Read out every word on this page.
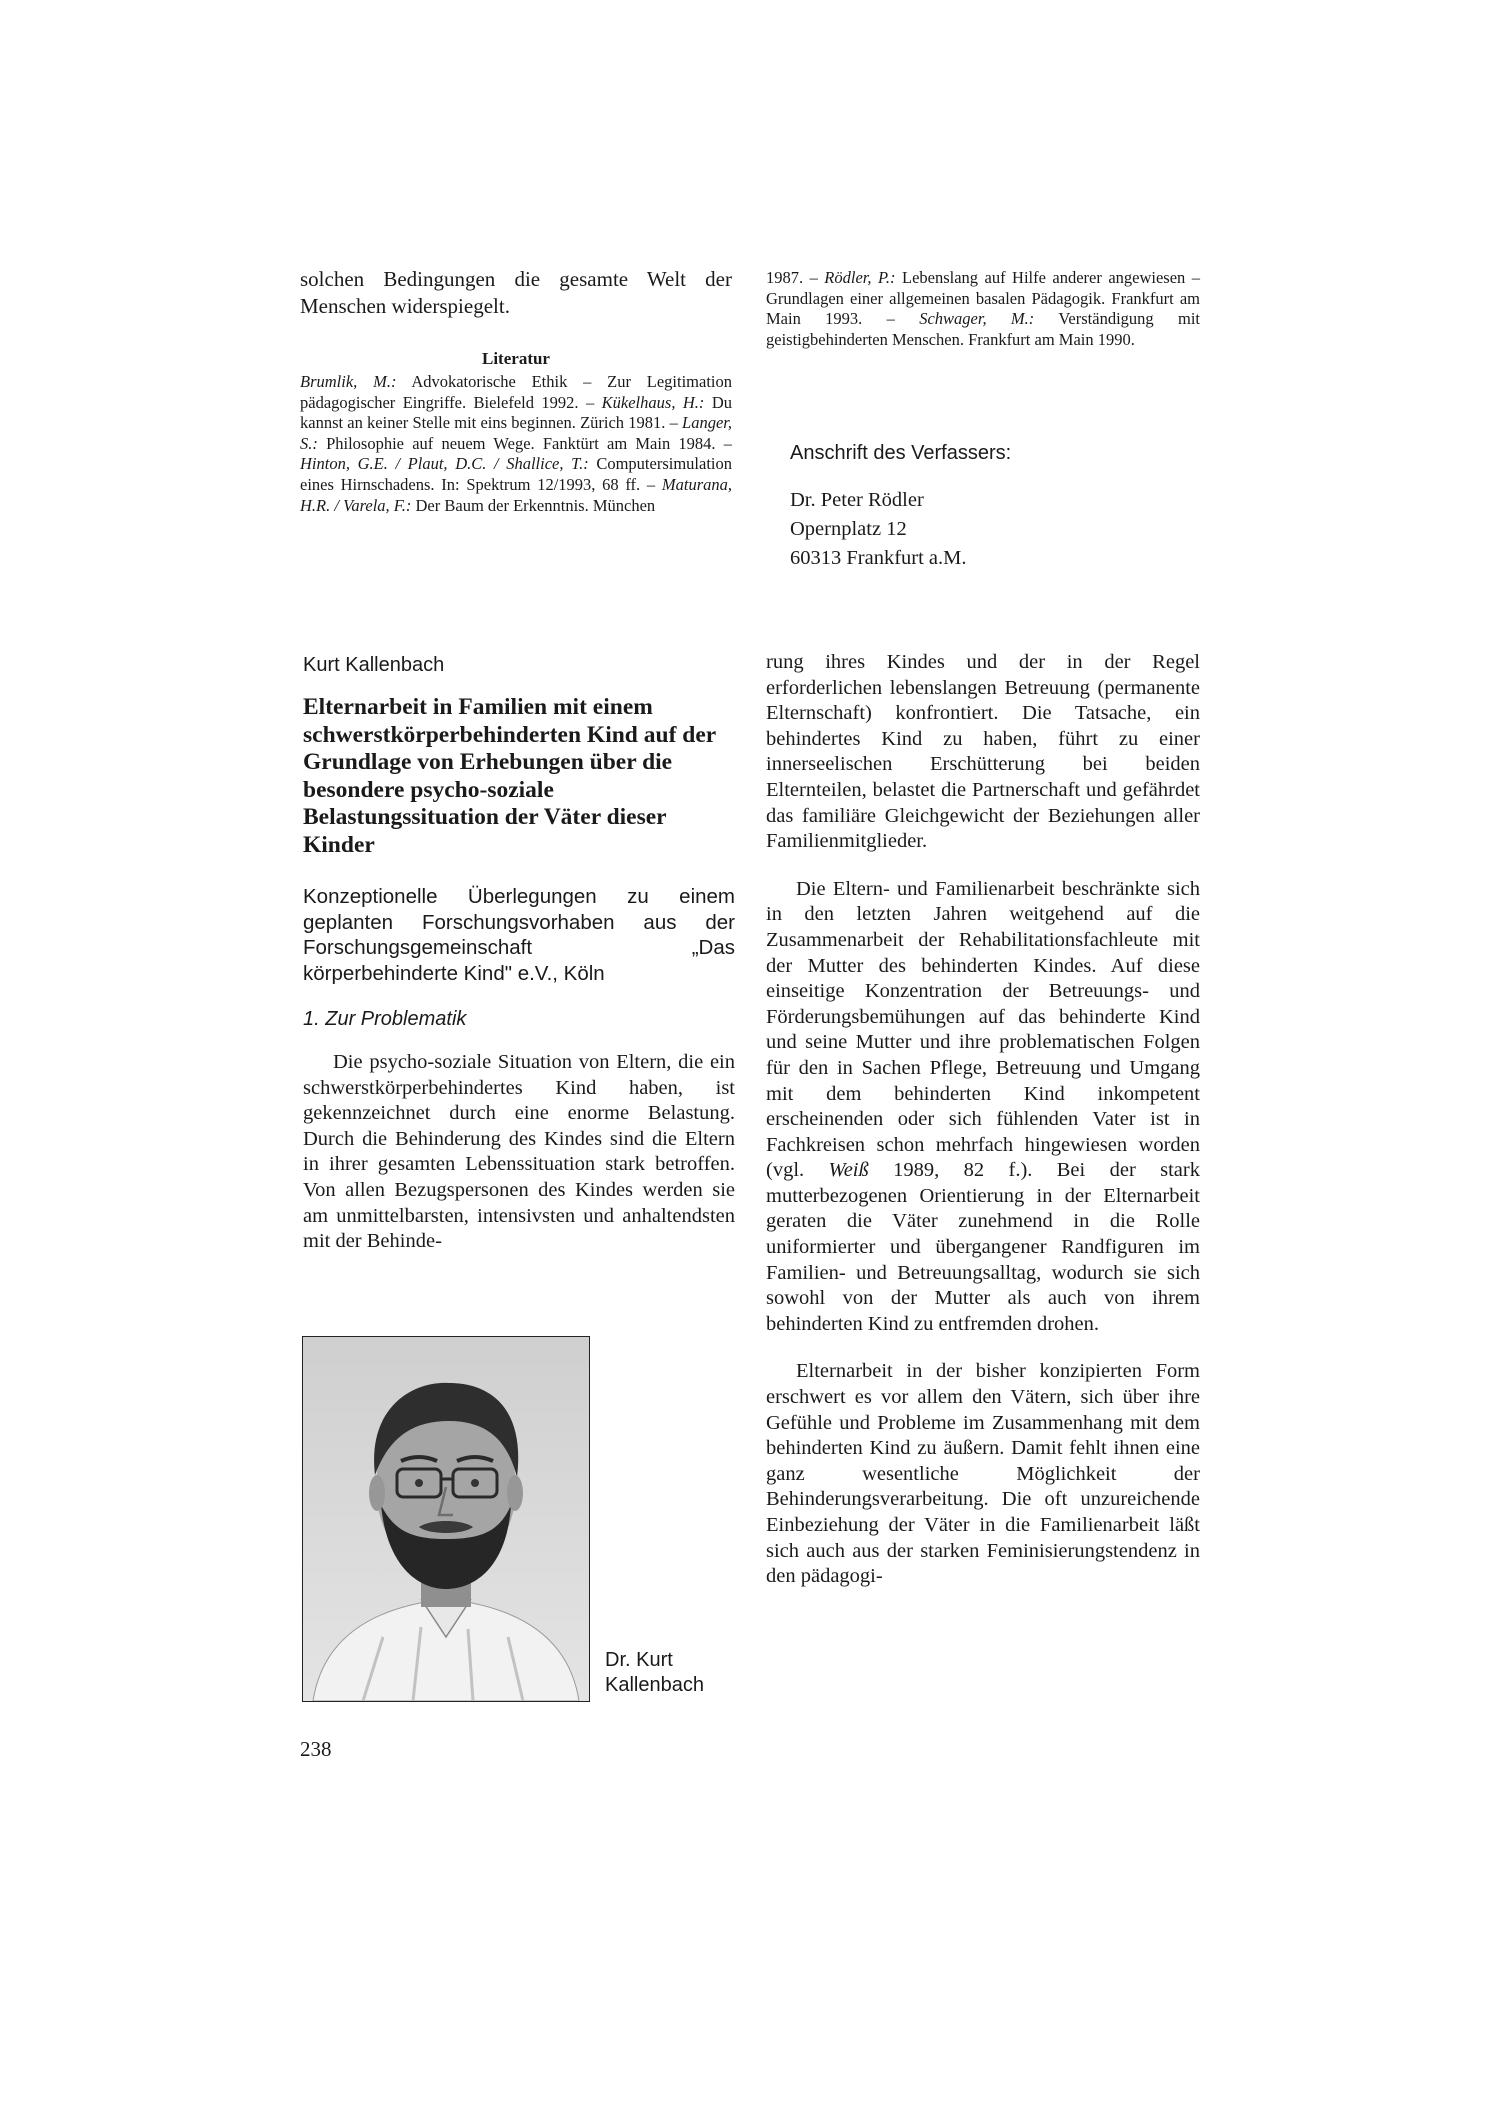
solchen Bedingungen die gesamte Welt der Menschen widerspiegelt.
Literatur
Brumlik, M.: Advokatorische Ethik – Zur Legitimation pädagogischer Eingriffe. Bielefeld 1992. – Kükelhaus, H.: Du kannst an keiner Stelle mit eins beginnen. Zürich 1981. – Langer, S.: Philosophie auf neuem Wege. Fanktürt am Main 1984. – Hinton, G.E. / Plaut, D.C. / Shallice, T.: Computersimulation eines Hirnschadens. In: Spektrum 12/1993, 68 ff. – Maturana, H.R. / Varela, F.: Der Baum der Erkenntnis. München
1987. – Rödler, P.: Lebenslang auf Hilfe anderer angewiesen – Grundlagen einer allgemeinen basalen Pädagogik. Frankfurt am Main 1993. – Schwager, M.: Verständigung mit geistigbehinderten Menschen. Frankfurt am Main 1990.
Anschrift des Verfassers:
Dr. Peter Rödler
Opernplatz 12
60313 Frankfurt a.M.
Kurt Kallenbach
Elternarbeit in Familien mit einem schwerstkörperbehinderten Kind auf der Grundlage von Erhebungen über die besondere psycho-soziale Belastungssituation der Väter dieser Kinder
Konzeptionelle Überlegungen zu einem geplanten Forschungsvorhaben aus der Forschungsgemeinschaft „Das körperbehinderte Kind" e.V., Köln
1. Zur Problematik
Die psycho-soziale Situation von Eltern, die ein schwerstkörperbehindertes Kind haben, ist gekennzeichnet durch eine enorme Belastung. Durch die Behinderung des Kindes sind die Eltern in ihrer gesamten Lebenssituation stark betroffen. Von allen Bezugspersonen des Kindes werden sie am unmittelbarsten, intensivsten und anhaltendsten mit der Behinde-
Dr. Kurt
Kallenbach

rung ihres Kindes und der in der Regel erforderlichen lebenslangen Betreuung (permanente Elternschaft) konfrontiert. Die Tatsache, ein behindertes Kind zu haben, führt zu einer innerseelischen Erschütterung bei beiden Elternteilen, belastet die Partnerschaft und gefährdet das familiäre Gleichgewicht der Beziehungen aller Familienmitglieder.

Die Eltern- und Familienarbeit beschränkte sich in den letzten Jahren weitgehend auf die Zusammenarbeit der Rehabilitationsfachleute mit der Mutter des behinderten Kindes. Auf diese einseitige Konzentration der Betreuungs- und Förderungsbemühungen auf das behinderte Kind und seine Mutter und ihre problematischen Folgen für den in Sachen Pflege, Betreuung und Umgang mit dem behinderten Kind inkompetent erscheinenden oder sich fühlenden Vater ist in Fachkreisen schon mehrfach hingewiesen worden (vgl. Weiß 1989, 82 f.). Bei der stark mutterbezogenen Orientierung in der Elternarbeit geraten die Väter zunehmend in die Rolle uniformierter und übergangener Randfiguren im Familien- und Betreuungsalltag, wodurch sie sich sowohl von der Mutter als auch von ihrem behinderten Kind zu entfremden drohen.

Elternarbeit in der bisher konzipierten Form erschwert es vor allem den Vätern, sich über ihre Gefühle und Probleme im Zusammenhang mit dem behinderten Kind zu äußern. Damit fehlt ihnen eine ganz wesentliche Möglichkeit der Behinderungsverarbeitung. Die oft unzureichende Einbeziehung der Väter in die Familienarbeit läßt sich auch aus der starken Feminisierungstendenz in den pädagogi-

238
